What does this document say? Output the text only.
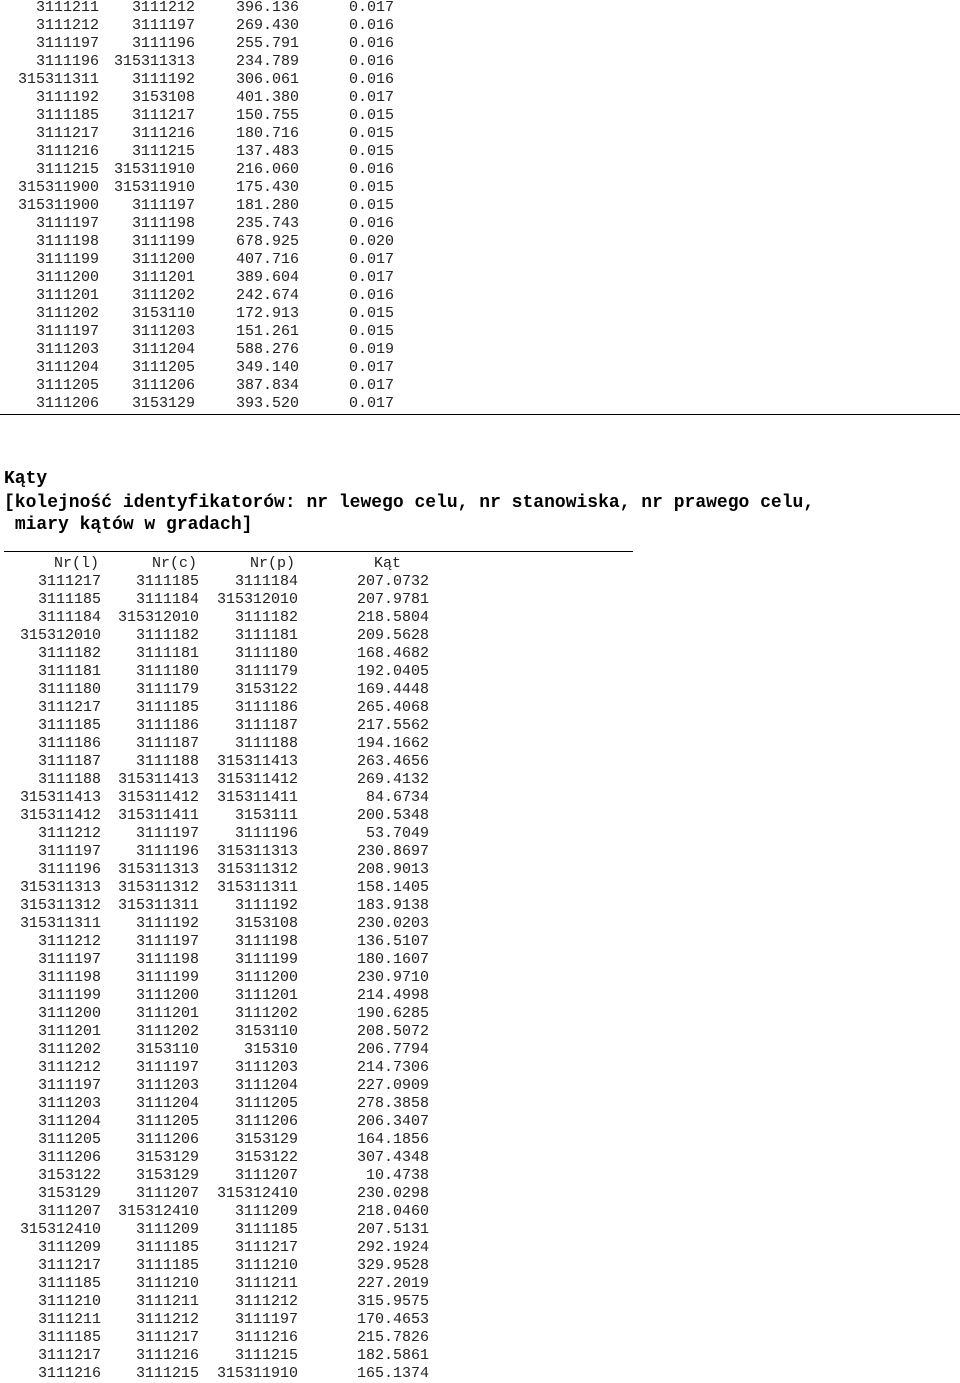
3111211	3111212	396.136	0.017
3111212	3111197	269.430	0.016
3111197	3111196	255.791	0.016
3111196	315311313	234.789	0.016
315311311	3111192	306.061	0.016
3111192	3153108	401.380	0.017
3111185	3111217	150.755	0.015
3111217	3111216	180.716	0.015
3111216	3111215	137.483	0.015
3111215	315311910	216.060	0.016
315311900	315311910	175.430	0.015
315311900	3111197	181.280	0.015
3111197	3111198	235.743	0.016
3111198	3111199	678.925	0.020
3111199	3111200	407.716	0.017
3111200	3111201	389.604	0.017
3111201	3111202	242.674	0.016
3111202	3153110	172.913	0.015
3111197	3111203	151.261	0.015
3111203	3111204	588.276	0.019
3111204	3111205	349.140	0.017
3111205	3111206	387.834	0.017
3111206	3153129	393.520	0.017
Kąty

[kolejność identyfikatorów: nr lewego celu, nr stanowiska, nr prawego celu,
miary kątów w gradach]

Nr(l)	Nr(c)	Nr(p)	Kąt
3111217	3111185	3111184	207.0732
3111185	3111184	315312010	207.9781
3111184	315312010	3111182	218.5804
315312010	3111182	3111181	209.5628
3111182	3111181	3111180	168.4682
3111181	3111180	3111179	192.0405
3111180	3111179	3153122	169.4448
3111217	3111185	3111186	265.4068
3111185	3111186	3111187	217.5562
3111186	3111187	3111188	194.1662
3111187	3111188	315311413	263.4656
3111188	315311413	315311412	269.4132
315311413	315311412	315311411	84.6734
315311412	315311411	3153111	200.5348
3111212	3111197	3111196	53.7049
3111197	3111196	315311313	230.8697
3111196	315311313	315311312	208.9013
315311313	315311312	315311311	158.1405
315311312	315311311	3111192	183.9138
315311311	3111192	3153108	230.0203
3111212	3111197	3111198	136.5107
3111197	3111198	3111199	180.1607
3111198	3111199	3111200	230.9710
3111199	3111200	3111201	214.4998
3111200	3111201	3111202	190.6285
3111201	3111202	3153110	208.5072
3111202	3153110	315310	206.7794
3111212	3111197	3111203	214.7306
3111197	3111203	3111204	227.0909
3111203	3111204	3111205	278.3858
3111204	3111205	3111206	206.3407
3111205	3111206	3153129	164.1856
3111206	3153129	3153122	307.4348
3153122	3153129	3111207	10.4738
3153129	3111207	315312410	230.0298
3111207	315312410	3111209	218.0460
315312410	3111209	3111185	207.5131
3111209	3111185	3111217	292.1924
3111217	3111185	3111210	329.9528
3111185	3111210	3111211	227.2019
3111210	3111211	3111212	315.9575
3111211	3111212	3111197	170.4653
3111185	3111217	3111216	215.7826
3111217	3111216	3111215	182.5861
3111216	3111215	315311910	165.1374
